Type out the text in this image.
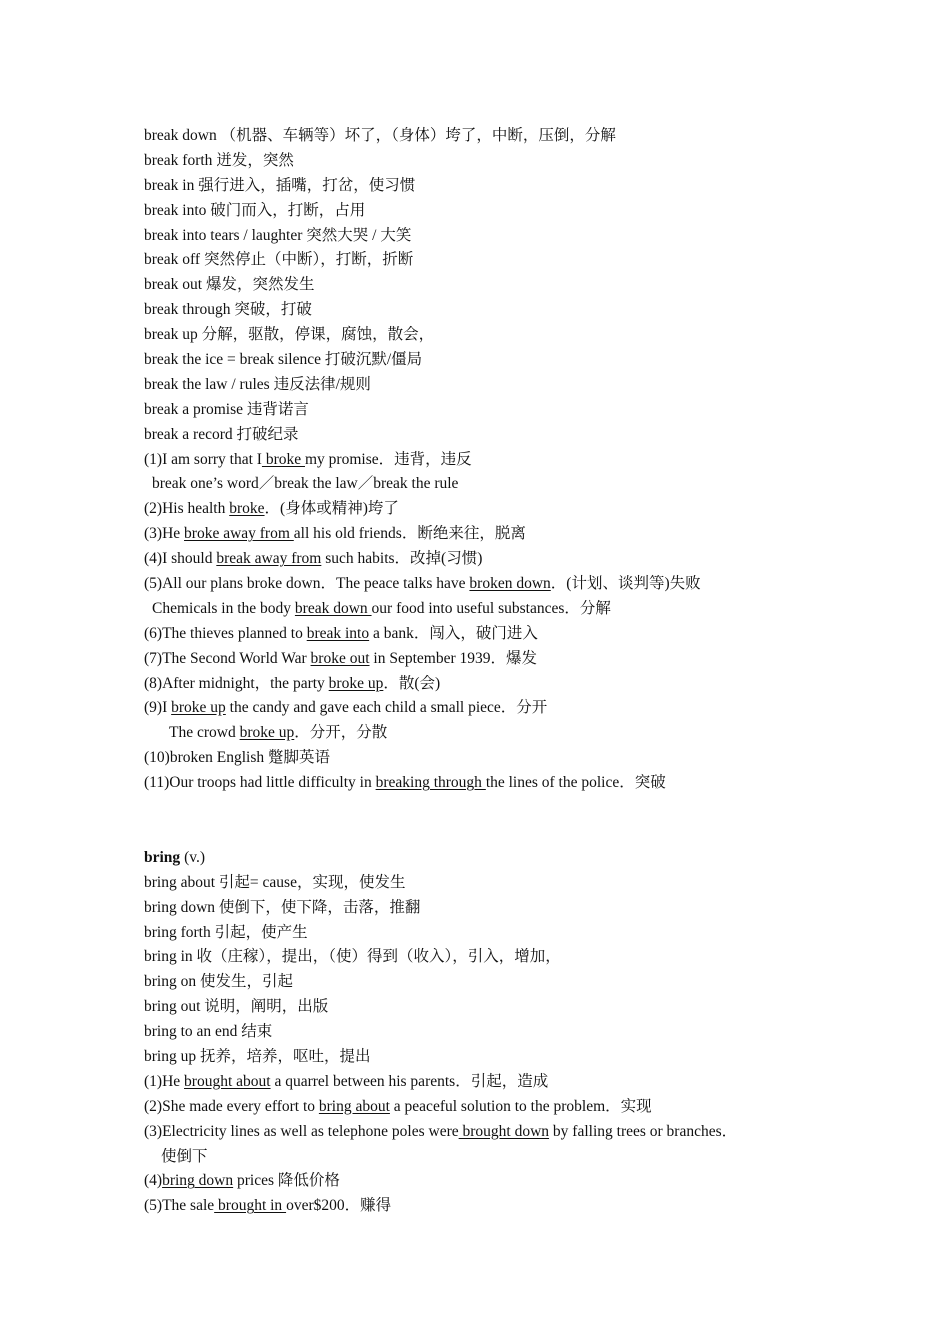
break down （机器、车辆等）坏了，（身体）垮了，中断，压倒，分解
break forth 迸发，突然
break in 强行进入，插嘴，打岔，使习惯
break into 破门而入，打断，占用
break into tears / laughter 突然大哭 / 大笑
break off 突然停止（中断），打断，折断
break out 爆发，突然发生
break through 突破，打破
break up 分解，驱散，停课，腐蚀，散会，
break the ice = break silence 打破沉默/僵局
break the law / rules 违反法律/规则
break a promise 违背诺言
break a record 打破纪录
(1)I am sorry that I broke my promise．违背，违反
break one’s word／break the law／break the rule
(2)His health broke．(身体或精神)垮了
(3)He broke away from all his old friends．断绝来往，脱离
(4)I should break away from such habits．改掉(习惯)
(5)All our plans broke down．The peace talks have broken down．(计划、谈判等)失败
Chemicals in the body break down our food into useful substances．分解
(6)The thieves planned to break into a bank．闯入，破门进入
(7)The Second World War broke out in September 1939．爆发
(8)After midnight，the party broke up．散(会)
(9)I broke up the candy and gave each child a small piece．分开
The crowd broke up．分开，分散
(10)broken English 蹩脚英语
(11)Our troops had little difficulty in breaking through the lines of the police．突破
bring (v.)
bring about 引起= cause，实现，使发生
bring down 使倒下，使下降，击落，推翻
bring forth 引起，使产生
bring in 收（庄稼），提出，（使）得到（收入），引入，增加，
bring on 使发生，引起
bring out 说明，阐明，出版
bring to an end 结束
bring up 抚养，培养，呕吐，提出
(1)He brought about a quarrel between his parents．引起，造成
(2)She made every effort to bring about a peaceful solution to the problem．实现
(3)Electricity lines as well as telephone poles were brought down by falling trees or branches．
使倒下
(4)bring down prices 降低价格
(5)The sale brought in over$200．赚得
